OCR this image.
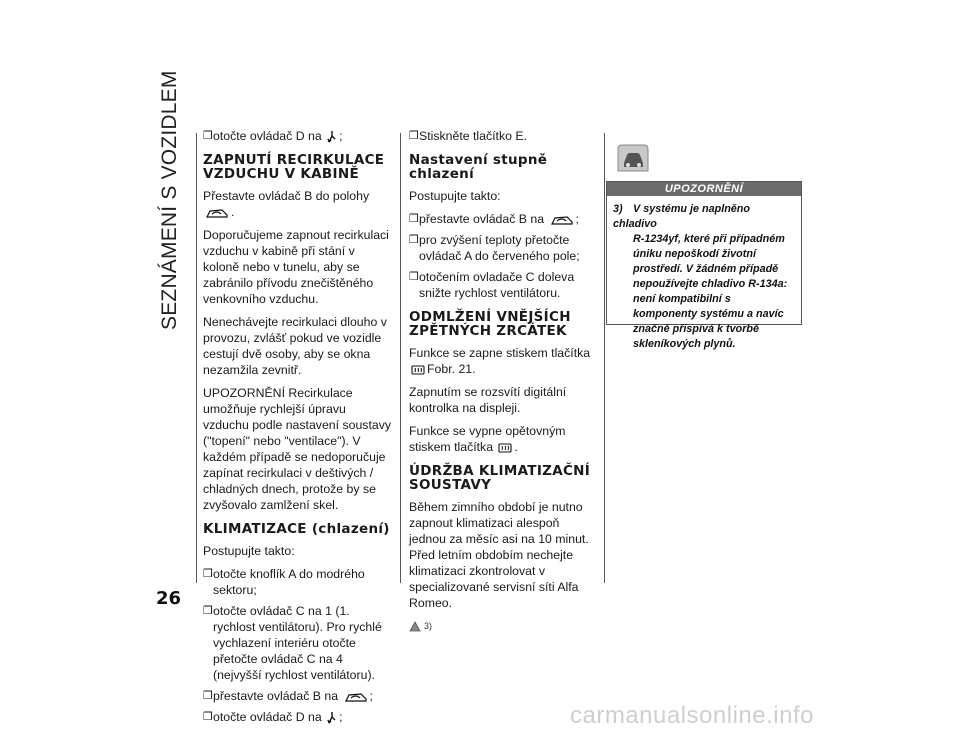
SEZNÁMENÍ S VOZIDLEM
26
❒ otočte ovládač D na ;
ZAPNUTÍ RECIRKULACE VZDUCHU V KABINĚ

Přestavte ovládač B do polohy .

Doporučujeme zapnout recirkulaci vzduchu v kabině při stání v koloně nebo v tunelu, aby se zabránilo přívodu znečištěného venkovního vzduchu.

Nenechávejte recirkulaci dlouho v provozu, zvlášť pokud ve vozidle cestují dvě osoby, aby se okna nezamžila zevnitř.

UPOZORNĚNÍ Recirkulace umožňuje rychlejší úpravu vzduchu podle nastavení soustavy ("topení" nebo "ventilace"). V každém případě se nedoporučuje zapínat recirkulaci v deštivých / chladných dnech, protože by se zvyšovalo zamlžení skel.

KLIMATIZACE (chlazení)

Postupujte takto:

❒ otočte knoflík A do modrého sektoru;
❒ otočte ovládač C na 1 (1. rychlost ventilátoru). Pro rychlé vychlazení interiéru otočte přetočte ovládač C na 4 (nejvyšší rychlost ventilátoru).
❒ přestavte ovládač B na	;
❒ otočte ovládač D na ;
❒ Stiskněte tlačítko E.
Nastavení stupně chlazení

Postupujte takto:

❒ přestavte ovládač B na	;
❒ pro zvýšení teploty přetočte ovládač A do červeného pole;
❒ otočením ovladače C doleva snižte rychlost ventilátoru.
ODMLŽENÍ VNĚJŠÍCH ZPĚTNÝCH ZRCÁTEK

Funkce se zapne stiskem tlačítka Fobr. 21.

Zapnutím se rozsvítí digitální kontrolka na displeji.

Funkce se vypne opětovným stiskem tlačítka .

ÚDRŽBA KLIMATIZAČNÍ SOUSTAVY

Během zimního období je nutno zapnout klimatizaci alespoň jednou za měsíc asi na 10 minut. Před letním obdobím nechejte klimatizaci zkontrolovat v specializované servisní síti Alfa Romeo.

3)
UPOZORNĚNÍ
3) V systému je naplněno chladivo
R-1234yf, které při případném úniku nepoškodí životní prostředí. V žádném případě nepoužívejte chladivo R-134a: není kompatibilní s komponenty systému a navíc značně přispívá k tvorbě skleníkových plynů.
carmanualsonline.info
